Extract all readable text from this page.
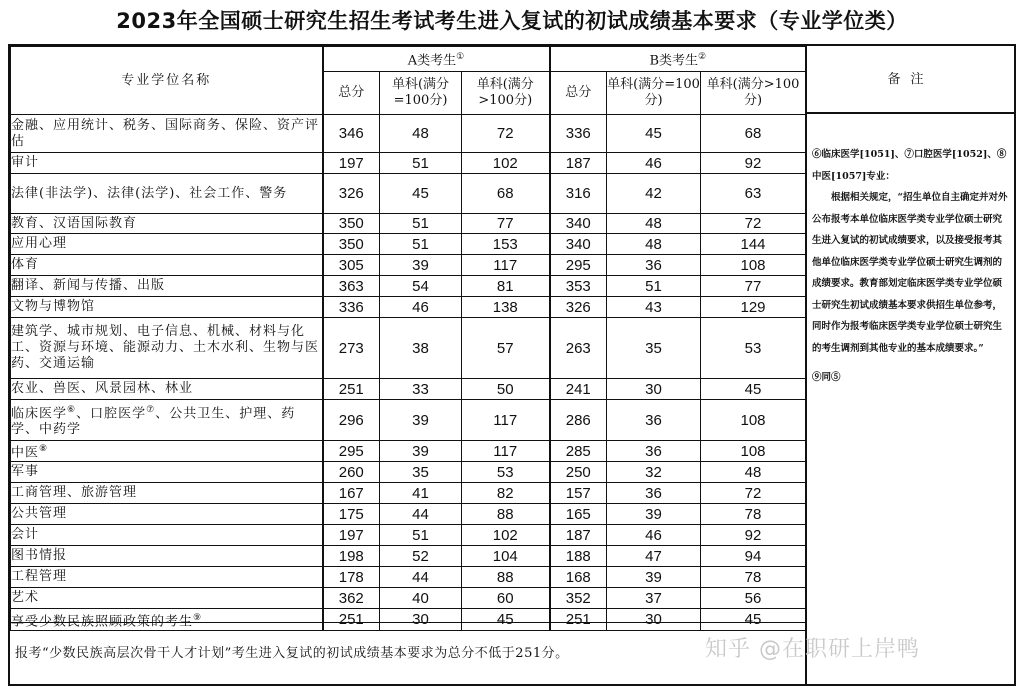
2023年全国硕士研究生招生考试考生进入复试的初试成绩基本要求（专业学位类）
专业学位名称	A类考生①			B类考生②
	总分	单科(满分=100分)	单科(满分>100分)	总分	单科(满分=100分)	单科(满分>100分)
金融、应用统计、税务、国际商务、保险、资产评估	346	48	72	336	45	68
审计	197	51	102	187	46	92
法律(非法学)、法律(法学)、社会工作、警务	326	45	68	316	42	63
教育、汉语国际教育	350	51	77	340	48	72
应用心理	350	51	153	340	48	144
体育	305	39	117	295	36	108
翻译、新闻与传播、出版	363	54	81	353	51	77
文物与博物馆	336	46	138	326	43	129
建筑学、城市规划、电子信息、机械、材料与化工、资源与环境、能源动力、土木水利、生物与医药、交通运输	273	38	57	263	35	53
农业、兽医、风景园林、林业	251	33	50	241	30	45
临床医学⑥、口腔医学⑦、公共卫生、护理、药学、中药学	296	39	117	286	36	108
中医⑧	295	39	117	285	36	108
军事	260	35	53	250	32	48
工商管理、旅游管理	167	41	82	157	36	72
公共管理	175	44	88	165	39	78
会计	197	51	102	187	46	92
图书情报	198	52	104	188	47	94
工程管理	178	44	88	168	39	78
艺术	362	40	60	352	37	56
享受少数民族照顾政策的考生⑨	251	30	45	251	30	45
报考“少数民族高层次骨干人才计划”考生进入复试的初试成绩基本要求为总分不低于251分。
备注
⑥临床医学[1051]、⑦口腔医学[1052]、⑧中医[1057]专业：
根据相关规定，“招生单位自主确定并对外公布报考本单位临床医学类专业学位硕士研究生进入复试的初试成绩要求，以及接受报考其他单位临床医学类专业学位硕士研究生调剂的成绩要求。教育部划定临床医学类专业学位硕士研究生初试成绩基本要求供招生单位参考，同时作为报考临床医学类专业学位硕士研究生的考生调剂到其他专业的基本成绩要求。”
⑨同⑤
知乎 @在职研上岸鸭
